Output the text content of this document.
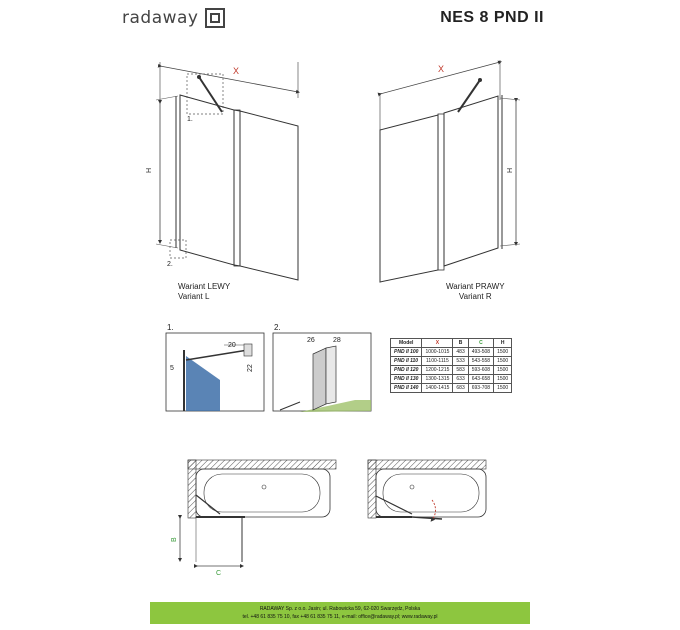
radaway	NES 8 PND II
X
H
1.
2.
X
H
1.
20
5	22
2.
26	28
B
C
Wariant LEWY
Variant L
Wariant PRAWY
Variant R
Model	X	B	C	H
PND II 100	1000-1015	483	493-508	1500
PND II 110	1100-1115	533	543-558	1500
PND II 120	1200-1215	583	593-608	1500
PND II 130	1300-1315	633	643-658	1500
PND II 140	1400-1415	683	693-708	1500
RADAWAY Sp. z o.o. Jasin; ul. Rabowicka 59, 62-020 Swarzędz, Polska
tel. +48 61 835 75 10, fax +48 61 835 75 11, e-mail: office@radaway.pl; www.radaway.pl
